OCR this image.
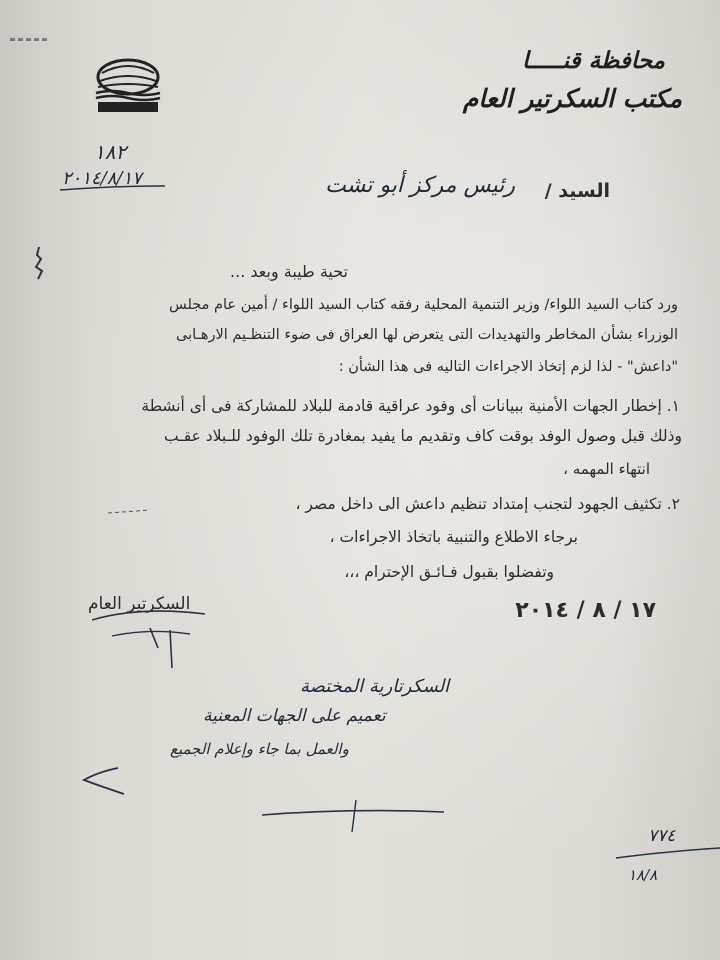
محافظة قنـــــا
مكتب السكرتير العام
١٨٢
٢٠١٤/٨/١٧
السيد /
رئيس مركز أبو تشت
تحية طيبة وبعد ...
ورد كتاب السيد اللواء/ وزير التنمية المحلية رفقه كتاب السيد اللواء / أمين عام مجلس
الوزراء بشأن المخاطر والتهديدات التى يتعرض لها العراق فى ضوء التنظـيم الارهـابى
"داعش" - لذا لزم إتخاذ الاجراءات التاليه فى هذا الشأن :
١. إخطار الجهات الأمنية ببيانات أى وفود عراقية قادمة للبلاد للمشاركة فى أى أنشطة
وذلك قبل وصول الوفد بوقت كاف وتقديم ما يفيد بمغادرة تلك الوفود للـبلاد عقـب
انتهاء المهمه ،
٢. تكثيف الجهود لتجنب إمتداد تنظيم داعش الى داخل مصر ،
برجاء الاطلاع والتنبية باتخاذ الاجراءات ،
وتفضلوا بقبول فـائـق الإحترام ،،،
السكرتير العام	١٧ / ٨ / ٢٠١٤
السكرتارية المختصة
تعميم على الجهات المعنية
والعمل بما جاء وإعلام الجميع
٧٧٤
١٨/٨
